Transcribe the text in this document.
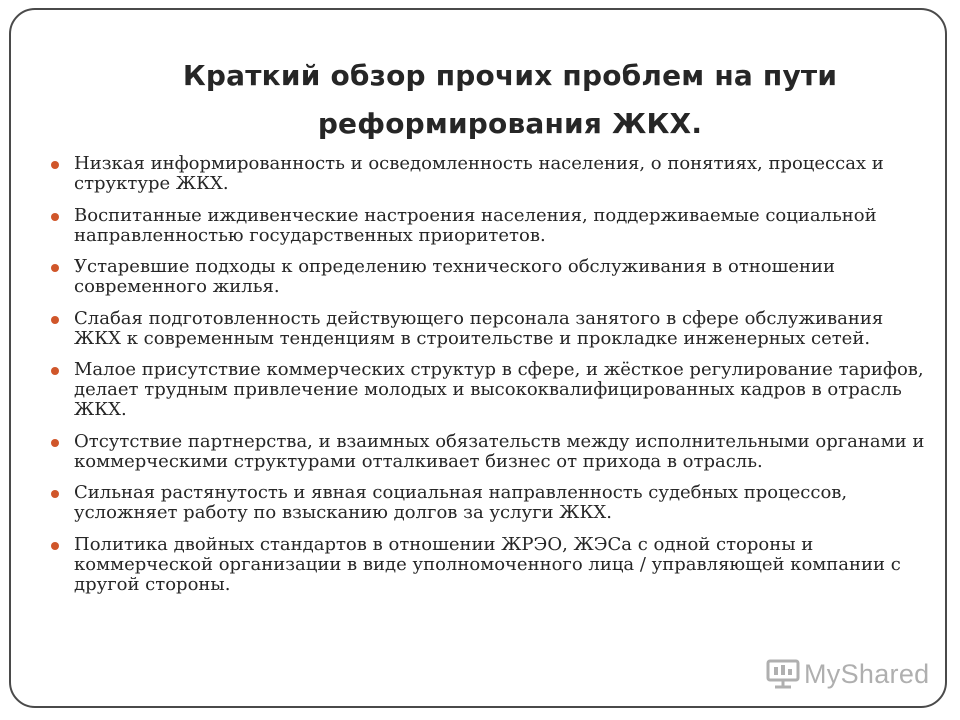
Краткий обзор прочих проблем на пути реформирования ЖКХ.
Низкая информированность и осведомленность населения, о понятиях, процессах и структуре ЖКХ.
Воспитанные иждивенческие настроения населения, поддерживаемые социальной направленностью государственных приоритетов.
Устаревшие подходы к определению технического обслуживания в отношении современного жилья.
Слабая подготовленность действующего персонала занятого в сфере обслуживания ЖКХ к современным тенденциям в строительстве и прокладке инженерных сетей.
Малое присутствие коммерческих структур в сфере, и жёсткое регулирование тарифов, делает трудным привлечение молодых и высококвалифицированных кадров в отрасль ЖКХ.
Отсутствие партнерства, и взаимных обязательств между исполнительными органами и коммерческими структурами отталкивает бизнес от прихода в отрасль.
Сильная растянутость и явная социальная направленность судебных процессов, усложняет работу по взысканию долгов за услуги ЖКХ.
Политика двойных стандартов в отношении ЖРЭО, ЖЭСа с одной стороны и коммерческой организации в виде уполномоченного лица / управляющей компании с другой стороны.
MyShared
